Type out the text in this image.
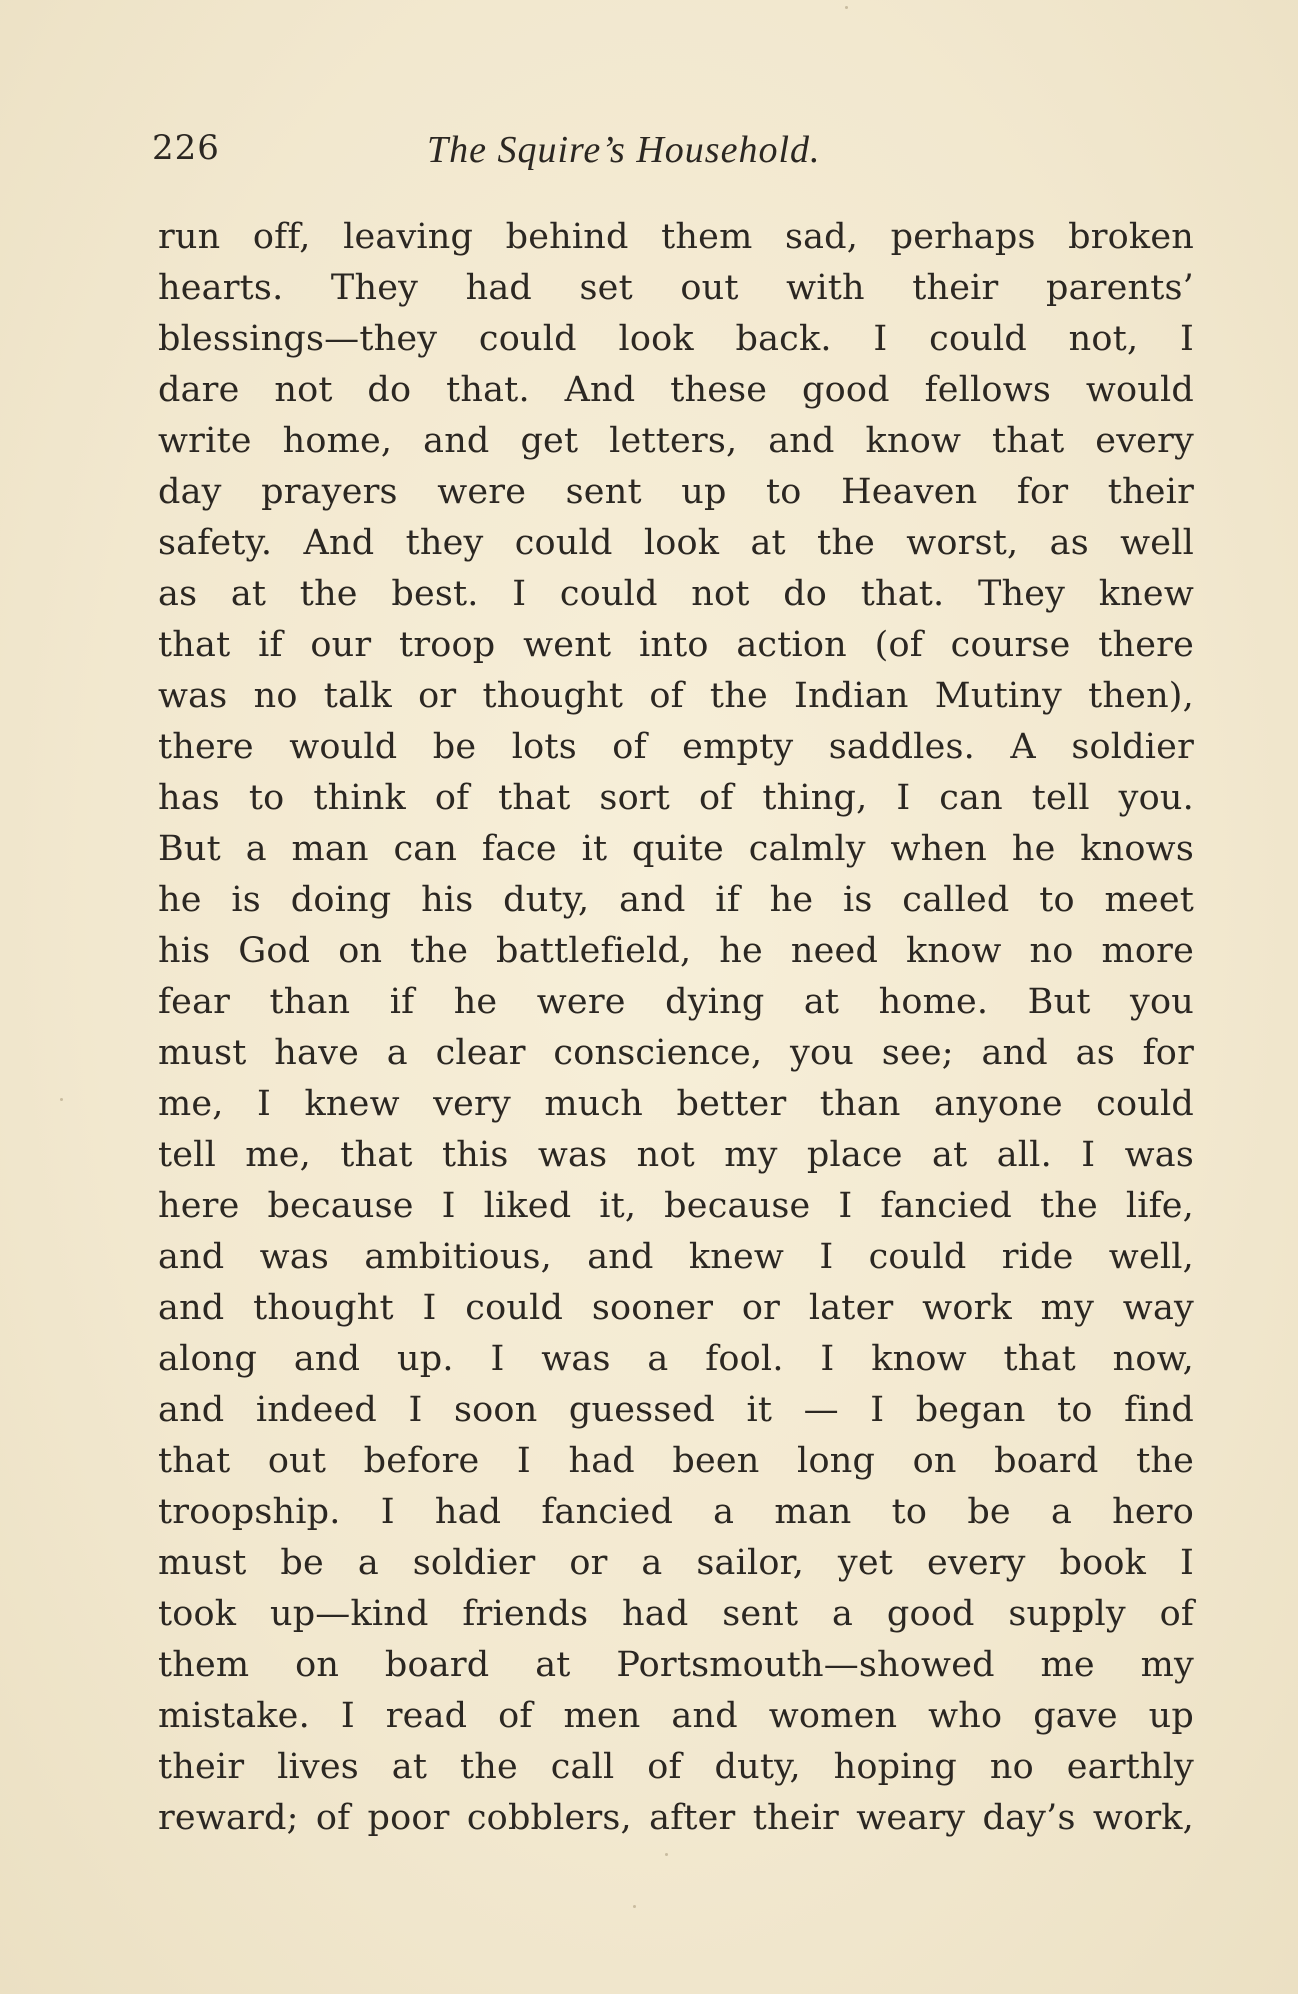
226	The Squire’s Household.
run off, leaving behind them sad, perhaps broken
hearts. They had set out with their parents’
blessings—they could look back. I could not, I
dare not do that. And these good fellows would
write home, and get letters, and know that every
day prayers were sent up to Heaven for their
safety. And they could look at the worst, as well
as at the best. I could not do that. They knew
that if our troop went into action (of course there
was no talk or thought of the Indian Mutiny then),
there would be lots of empty saddles. A soldier
has to think of that sort of thing, I can tell you.
But a man can face it quite calmly when he knows
he is doing his duty, and if he is called to meet
his God on the battlefield, he need know no more
fear than if he were dying at home. But you
must have a clear conscience, you see; and as for
me, I knew very much better than anyone could
tell me, that this was not my place at all. I was
here because I liked it, because I fancied the life,
and was ambitious, and knew I could ride well,
and thought I could sooner or later work my way
along and up. I was a fool. I know that now,
and indeed I soon guessed it — I began to find
that out before I had been long on board the
troopship. I had fancied a man to be a hero
must be a soldier or a sailor, yet every book I
took up—kind friends had sent a good supply of
them on board at Portsmouth—showed me my
mistake. I read of men and women who gave up
their lives at the call of duty, hoping no earthly
reward; of poor cobblers, after their weary day’s work,
